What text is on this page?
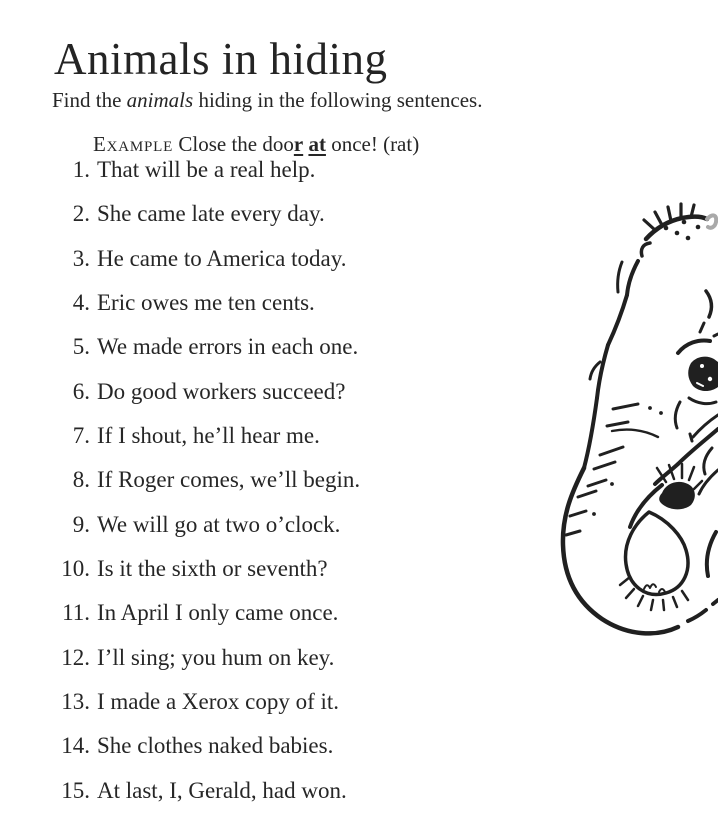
Animals in hiding

Find the animals hiding in the following sentences.

Example Close the door at once! (rat)

1. That will be a real help.
2. She came late every day.
3. He came to America today.
4. Eric owes me ten cents.
5. We made errors in each one.
6. Do good workers succeed?
7. If I shout, he’ll hear me.
8. If Roger comes, we’ll begin.
9. We will go at two o’clock.
10. Is it the sixth or seventh?
11. In April I only came once.
12. I’ll sing; you hum on key.
13. I made a Xerox copy of it.
14. She clothes naked babies.
15. At last, I, Gerald, had won.
